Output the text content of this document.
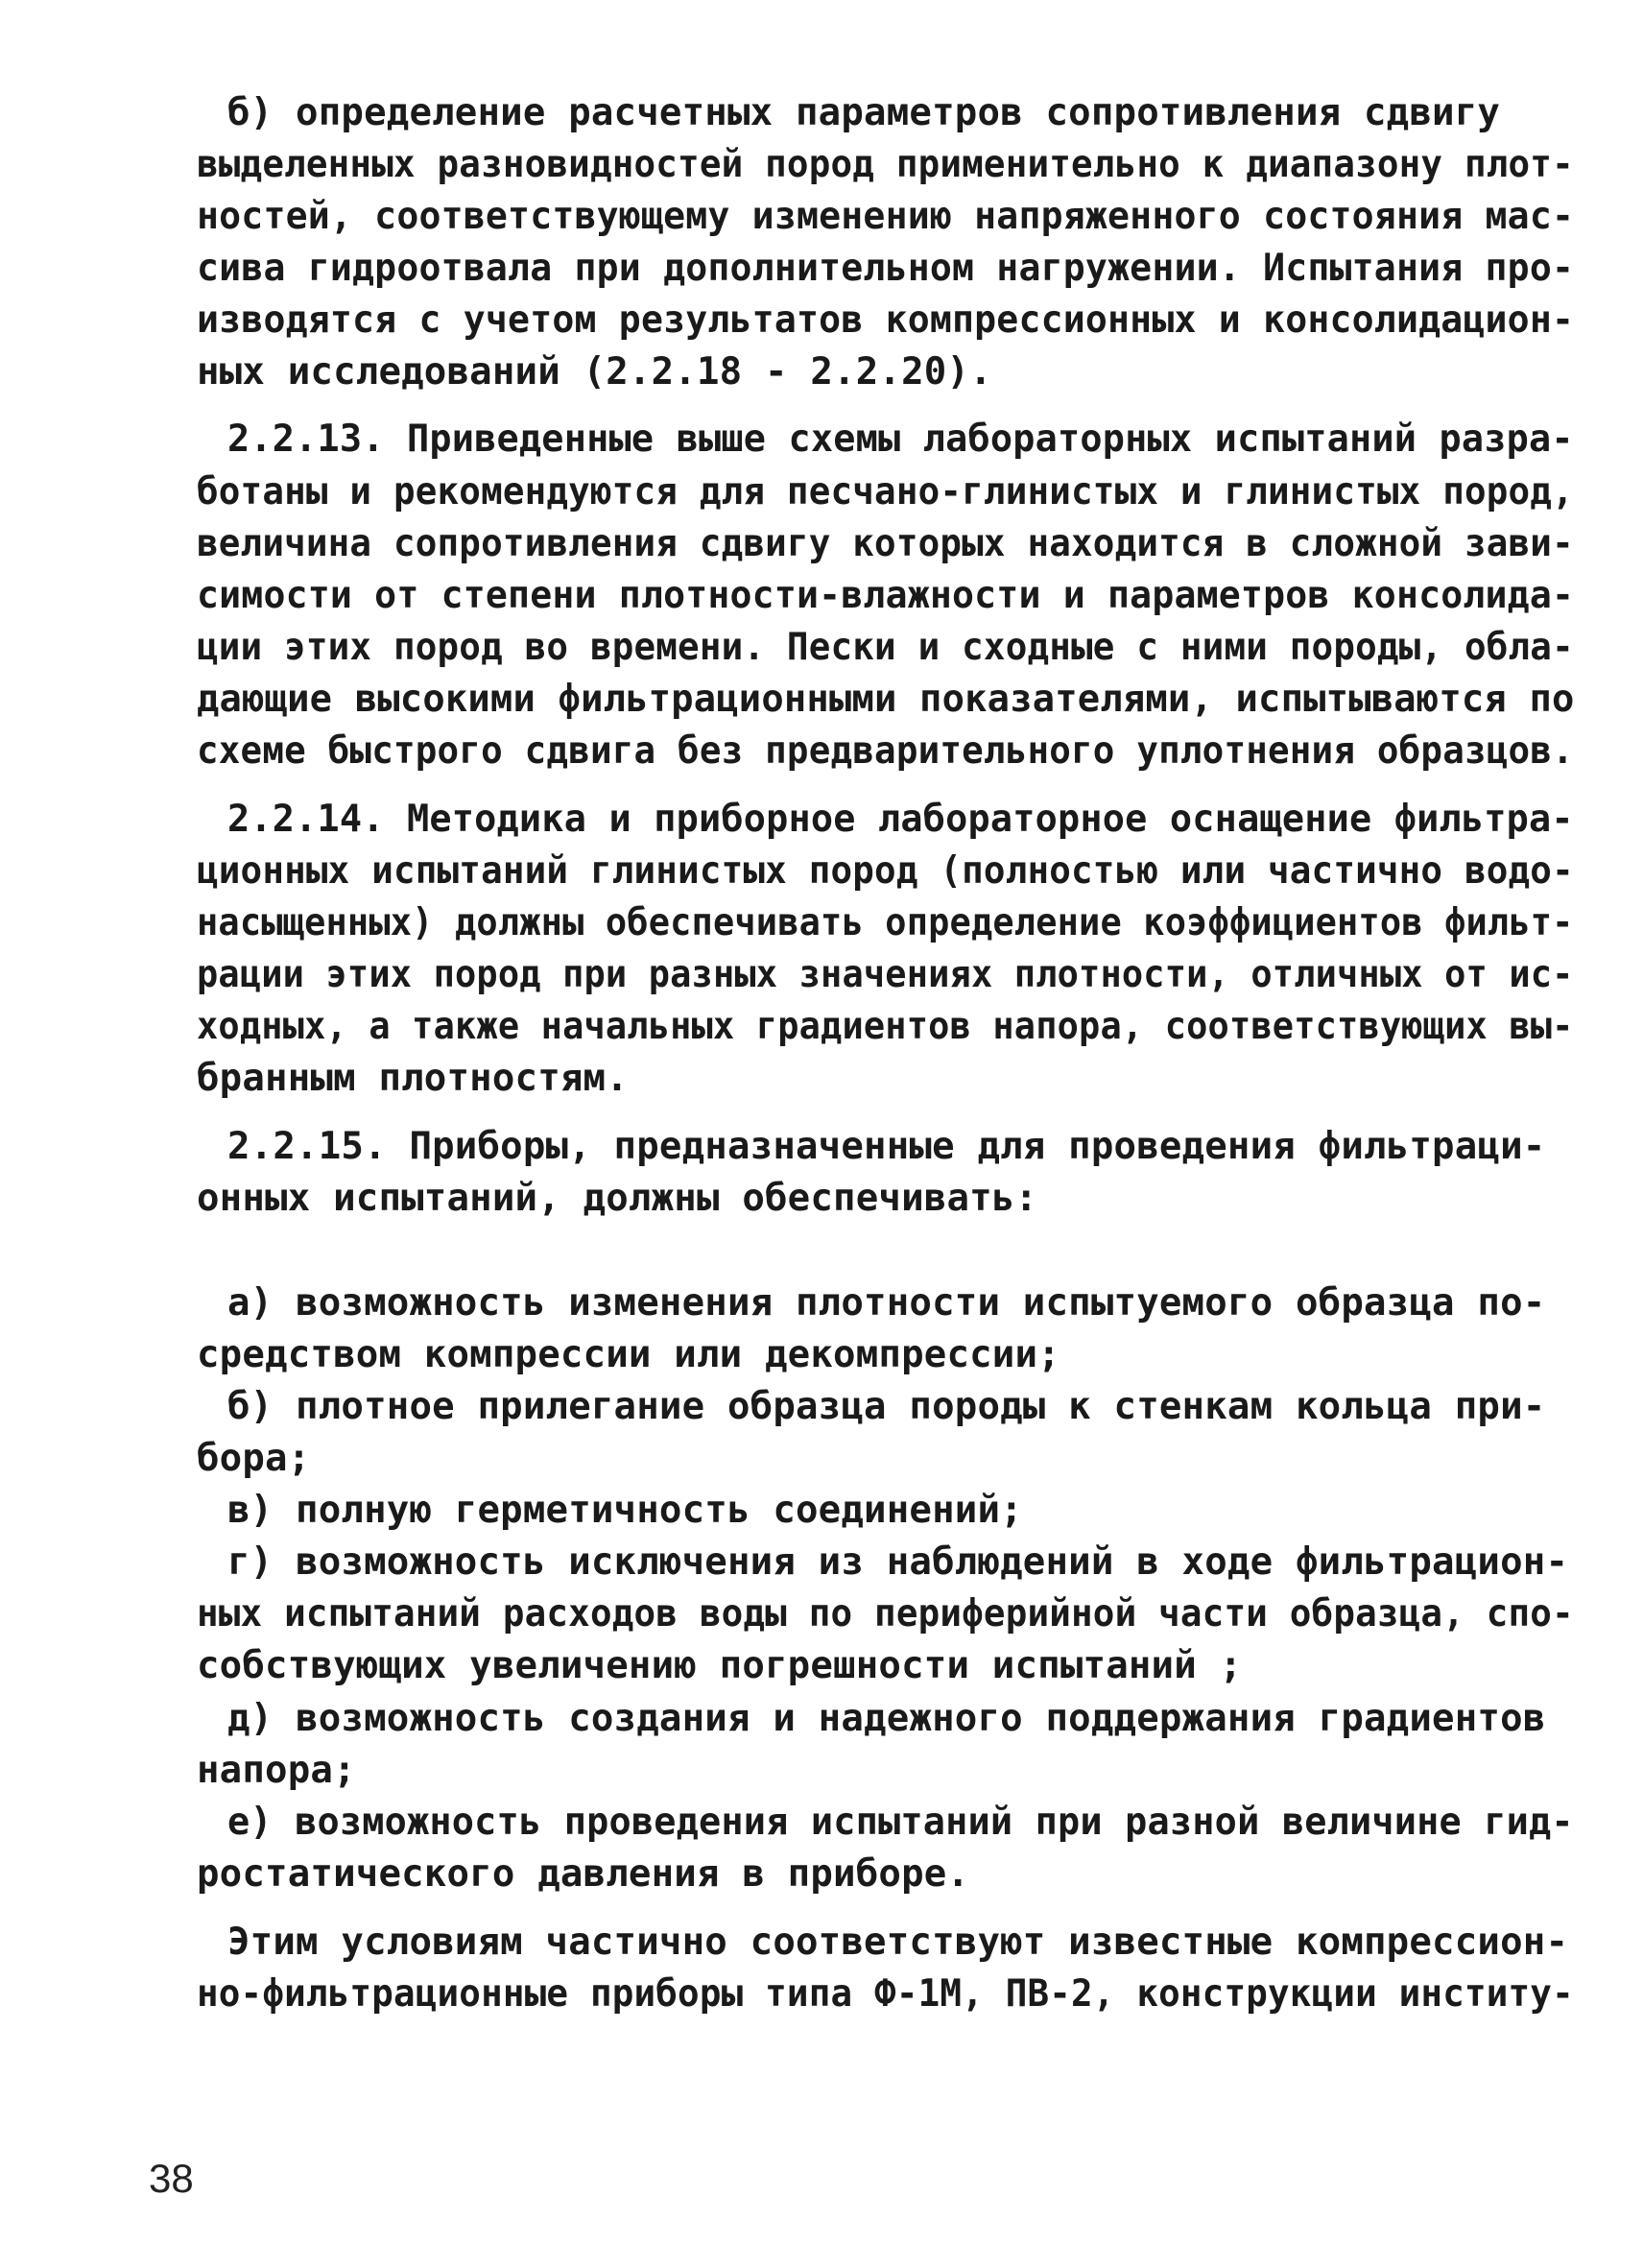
б) определение расчетных параметров сопротивления сдвигу

выделенных разновидностей пород применительно к диапазону плот-

ностей, соответствующему изменению напряженного состояния мас-

сива гидроотвала при дополнительном нагружении. Испытания про-

изводятся с учетом результатов компрессионных и консолидацион-

ных исследований (2.2.18 - 2.2.20).

2.2.13. Приведенные выше схемы лабораторных испытаний разра-

ботаны и рекомендуются для песчано-глинистых и глинистых пород,

величина сопротивления сдвигу которых находится в сложной зави-

симости от степени плотности-влажности и параметров консолида-

ции этих пород во времени. Пески и сходные с ними породы, обла-

дающие высокими фильтрационными показателями, испытываются по

схеме быстрого сдвига без предварительного уплотнения образцов.

2.2.14. Методика и приборное лабораторное оснащение фильтра-

ционных испытаний глинистых пород (полностью или частично водо-

насыщенных) должны обеспечивать определение коэффициентов фильт-

рации этих пород при разных значениях плотности, отличных от ис-

ходных, а также начальных градиентов напора, соответствующих вы-

бранным плотностям.

2.2.15. Приборы, предназначенные для проведения фильтраци-

онных испытаний, должны обеспечивать:

а) возможность изменения плотности испытуемого образца по-

средством компрессии или декомпрессии;

б) плотное прилегание образца породы к стенкам кольца при-

бора;

в) полную герметичность соединений;

г) возможность исключения из наблюдений в ходе фильтрацион-

ных испытаний расходов воды по периферийной части образца, спо-

собствующих увеличению погрешности испытаний ;

д) возможность создания и надежного поддержания градиентов

напора;

е) возможность проведения испытаний при разной величине гид-

ростатического давления в приборе.

Этим условиям частично соответствуют известные компрессион-

но-фильтрационные приборы типа Ф-1М, ПВ-2, конструкции институ-

38
